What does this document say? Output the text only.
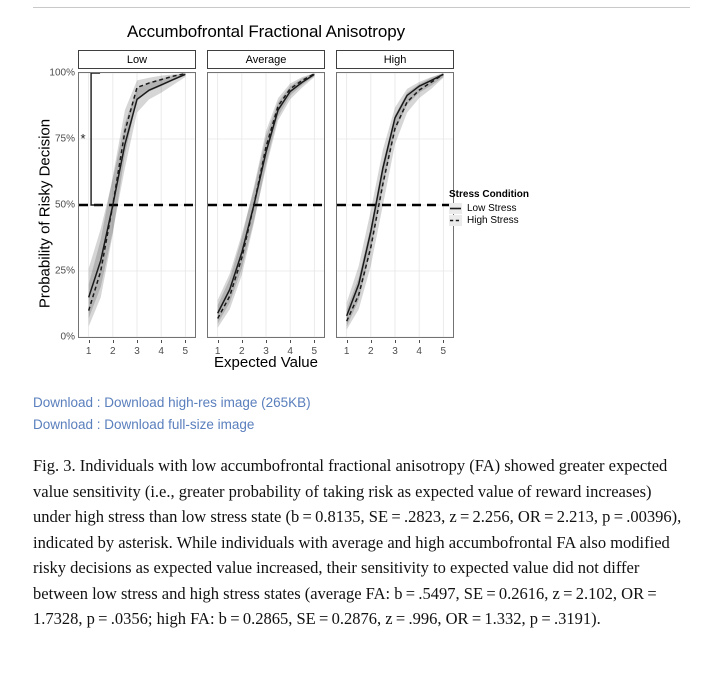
Accumbofrontal Fractional Anisotropy
Probability of Risky Decision
Expected Value
0%
25%
50%
75%
100%
Low
*
1	2	3	4	5
Average
1	2	3	4	5
High
1	2	3	4	5
Stress Condition
Low Stress
High Stress
Download : Download high-res image (265KB)
Download : Download full-size image
Fig. 3. Individuals with low accumbofrontal fractional anisotropy (FA) showed greater expected value sensitivity (i.e., greater probability of taking risk as expected value of reward increases) under high stress than low stress state (b = 0.8135, SE = .2823, z = 2.256, OR = 2.213, p = .00396), indicated by asterisk. While individuals with average and high accumbofrontal FA also modified risky decisions as expected value increased, their sensitivity to expected value did not differ between low stress and high stress states (average FA: b = .5497, SE = 0.2616, z = 2.102, OR = 1.7328, p = .0356; high FA: b = 0.2865, SE = 0.2876, z = .996, OR = 1.332, p = .3191).
